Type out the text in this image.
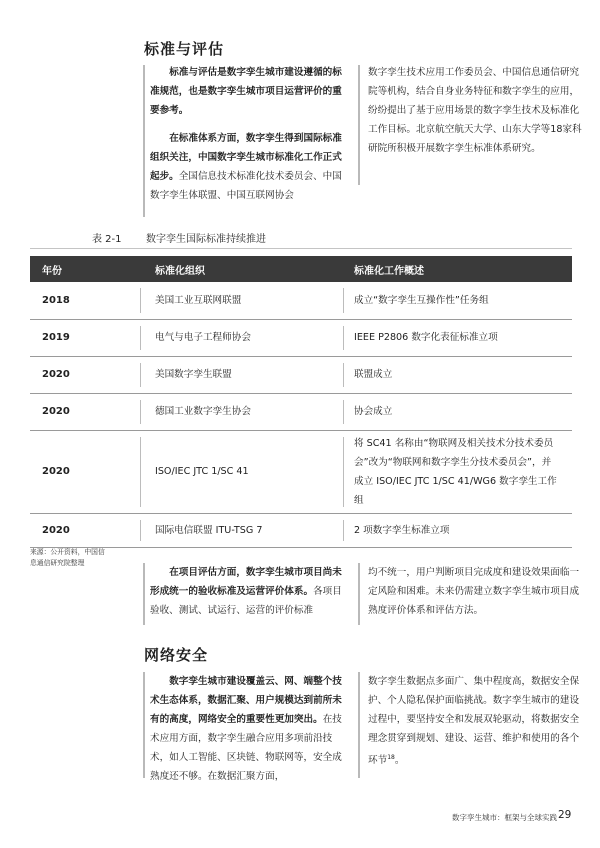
标准与评估

标准与评估是数字孪生城市建设遵循的标准规范，也是数字孪生城市项目运营评价的重要参考。

在标准体系方面，数字孪生得到国际标准组织关注，中国数字孪生城市标准化工作正式起步。全国信息技术标准化技术委员会、中国数字孪生体联盟、中国互联网协会

数字孪生技术应用工作委员会、中国信息通信研究院等机构，结合自身业务特征和数字孪生的应用，纷纷提出了基于应用场景的数字孪生技术及标准化工作目标。北京航空航天大学、山东大学等18家科研院所积极开展数字孪生标准体系研究。

表 2-1 数字孪生国际标准持续推进
年份	标准化组织	标准化工作概述
2018	美国工业互联网联盟	成立“数字孪生互操作性”任务组
2019	电气与电子工程师协会	IEEE P2806 数字化表征标准立项
2020	美国数字孪生联盟	联盟成立
2020	德国工业数字孪生协会	协会成立
2020	ISO/IEC JTC 1/SC 41	将 SC41 名称由“物联网及相关技术分技术委员会”改为“物联网和数字孪生分技术委员会”，并成立 ISO/IEC JTC 1/SC 41/WG6 数字孪生工作组
2020	国际电信联盟 ITU-TSG 7	2 项数字孪生标准立项
来源：公开资料，中国信息通信研究院整理

在项目评估方面，数字孪生城市项目尚未形成统一的验收标准及运营评价体系。各项目验收、测试、试运行、运营的评价标准

均不统一，用户判断项目完成度和建设效果面临一定风险和困难。未来仍需建立数字孪生城市项目成熟度评价体系和评估方法。

网络安全

数字孪生城市建设覆盖云、网、端整个技术生态体系，数据汇聚、用户规模达到前所未有的高度，网络安全的重要性更加突出。在技术应用方面，数字孪生融合应用多项前沿技术，如人工智能、区块链、物联网等，安全成熟度还不够。在数据汇聚方面，

数字孪生数据点多面广、集中程度高，数据安全保护、个人隐私保护面临挑战。数字孪生城市的建设过程中，要坚持安全和发展双轮驱动，将数据安全理念贯穿到规划、建设、运营、维护和使用的各个环节$^{18}$。

数字孪生城市：框架与全球实践 29
